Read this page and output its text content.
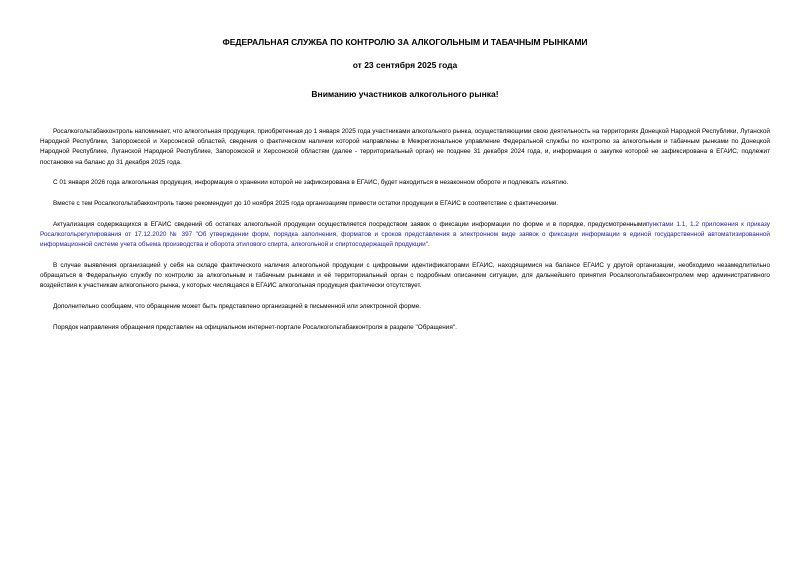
ФЕДЕРАЛЬНАЯ СЛУЖБА ПО КОНТРОЛЮ ЗА АЛКОГОЛЬНЫМ И ТАБАЧНЫМ РЫНКАМИ

от 23 сентября 2025 года

Вниманию участников алкогольного рынка!

Росалкогольтабакконтроль напоминает, что алкогольная продукция, приобретенная до 1 января 2025 года участниками алкогольного рынка, осуществляющими свою деятельность на территориях Донецкой Народной Республики, Луганской Народной Республики, Запорожской и Херсонской областей, сведения о фактическом наличии которой направлены в Межрегиональное управление Федеральной службы по контролю за алкогольным и табачным рынками по Донецкой Народной Республике, Луганской Народной Республике, Запорожской и Херсонской областям (далее - территориальный орган) не позднее 31 декабря 2024 года, и, информация о закупке которой не зафиксирована в ЕГАИС, подлежит постановке на баланс до 31 декабря 2025 года.

С 01 января 2026 года алкогольная продукция, информация о хранении которой не зафиксирована в ЕГАИС, будет находиться в незаконном обороте и подлежать изъятию.

Вместе с тем Росалкогольтабакконтроль также рекомендует до 10 ноября 2025 года организациям привести остатки продукции в ЕГАИС в соответствие с фактическими.

Актуализация содержащихся в ЕГАИС сведений об остатках алкогольной продукции осуществляется посредством заявок о фиксации информации по форме и в порядке, предусмотреннымипунктами 1.1, 1.2 приложения к приказу Росалкогольрегулирования от 17.12.2020 № 397 "Об утверждении форм, порядка заполнения, форматов и сроков представления в электронном виде заявок о фиксации информации в единой государственной автоматизированной информационной системе учета объема производства и оборота этилового спирта, алкогольной и спиртосодержащей продукции".

В случае выявления организацией у себя на складе фактического наличия алкогольной продукции с цифровыми идентификаторами ЕГАИС, находящимися на балансе ЕГАИС у другой организации, необходимо незамедлительно обращаться в Федеральную службу по контролю за алкогольным и табачным рынками и её территориальный орган с подробным описанием ситуации, для дальнейшего принятия Росалкогольтабакконтролем мер административного воздействия к участникам алкогольного рынка, у которых числящаяся в ЕГАИС алкогольная продукция фактически отсутствует.

Дополнительно сообщаем, что обращение может быть представлено организацией в письменной или электронной форме.

Порядок направления обращения представлен на официальном интернет-портале Росалкогольтабакконтроля в разделе "Обращения".
